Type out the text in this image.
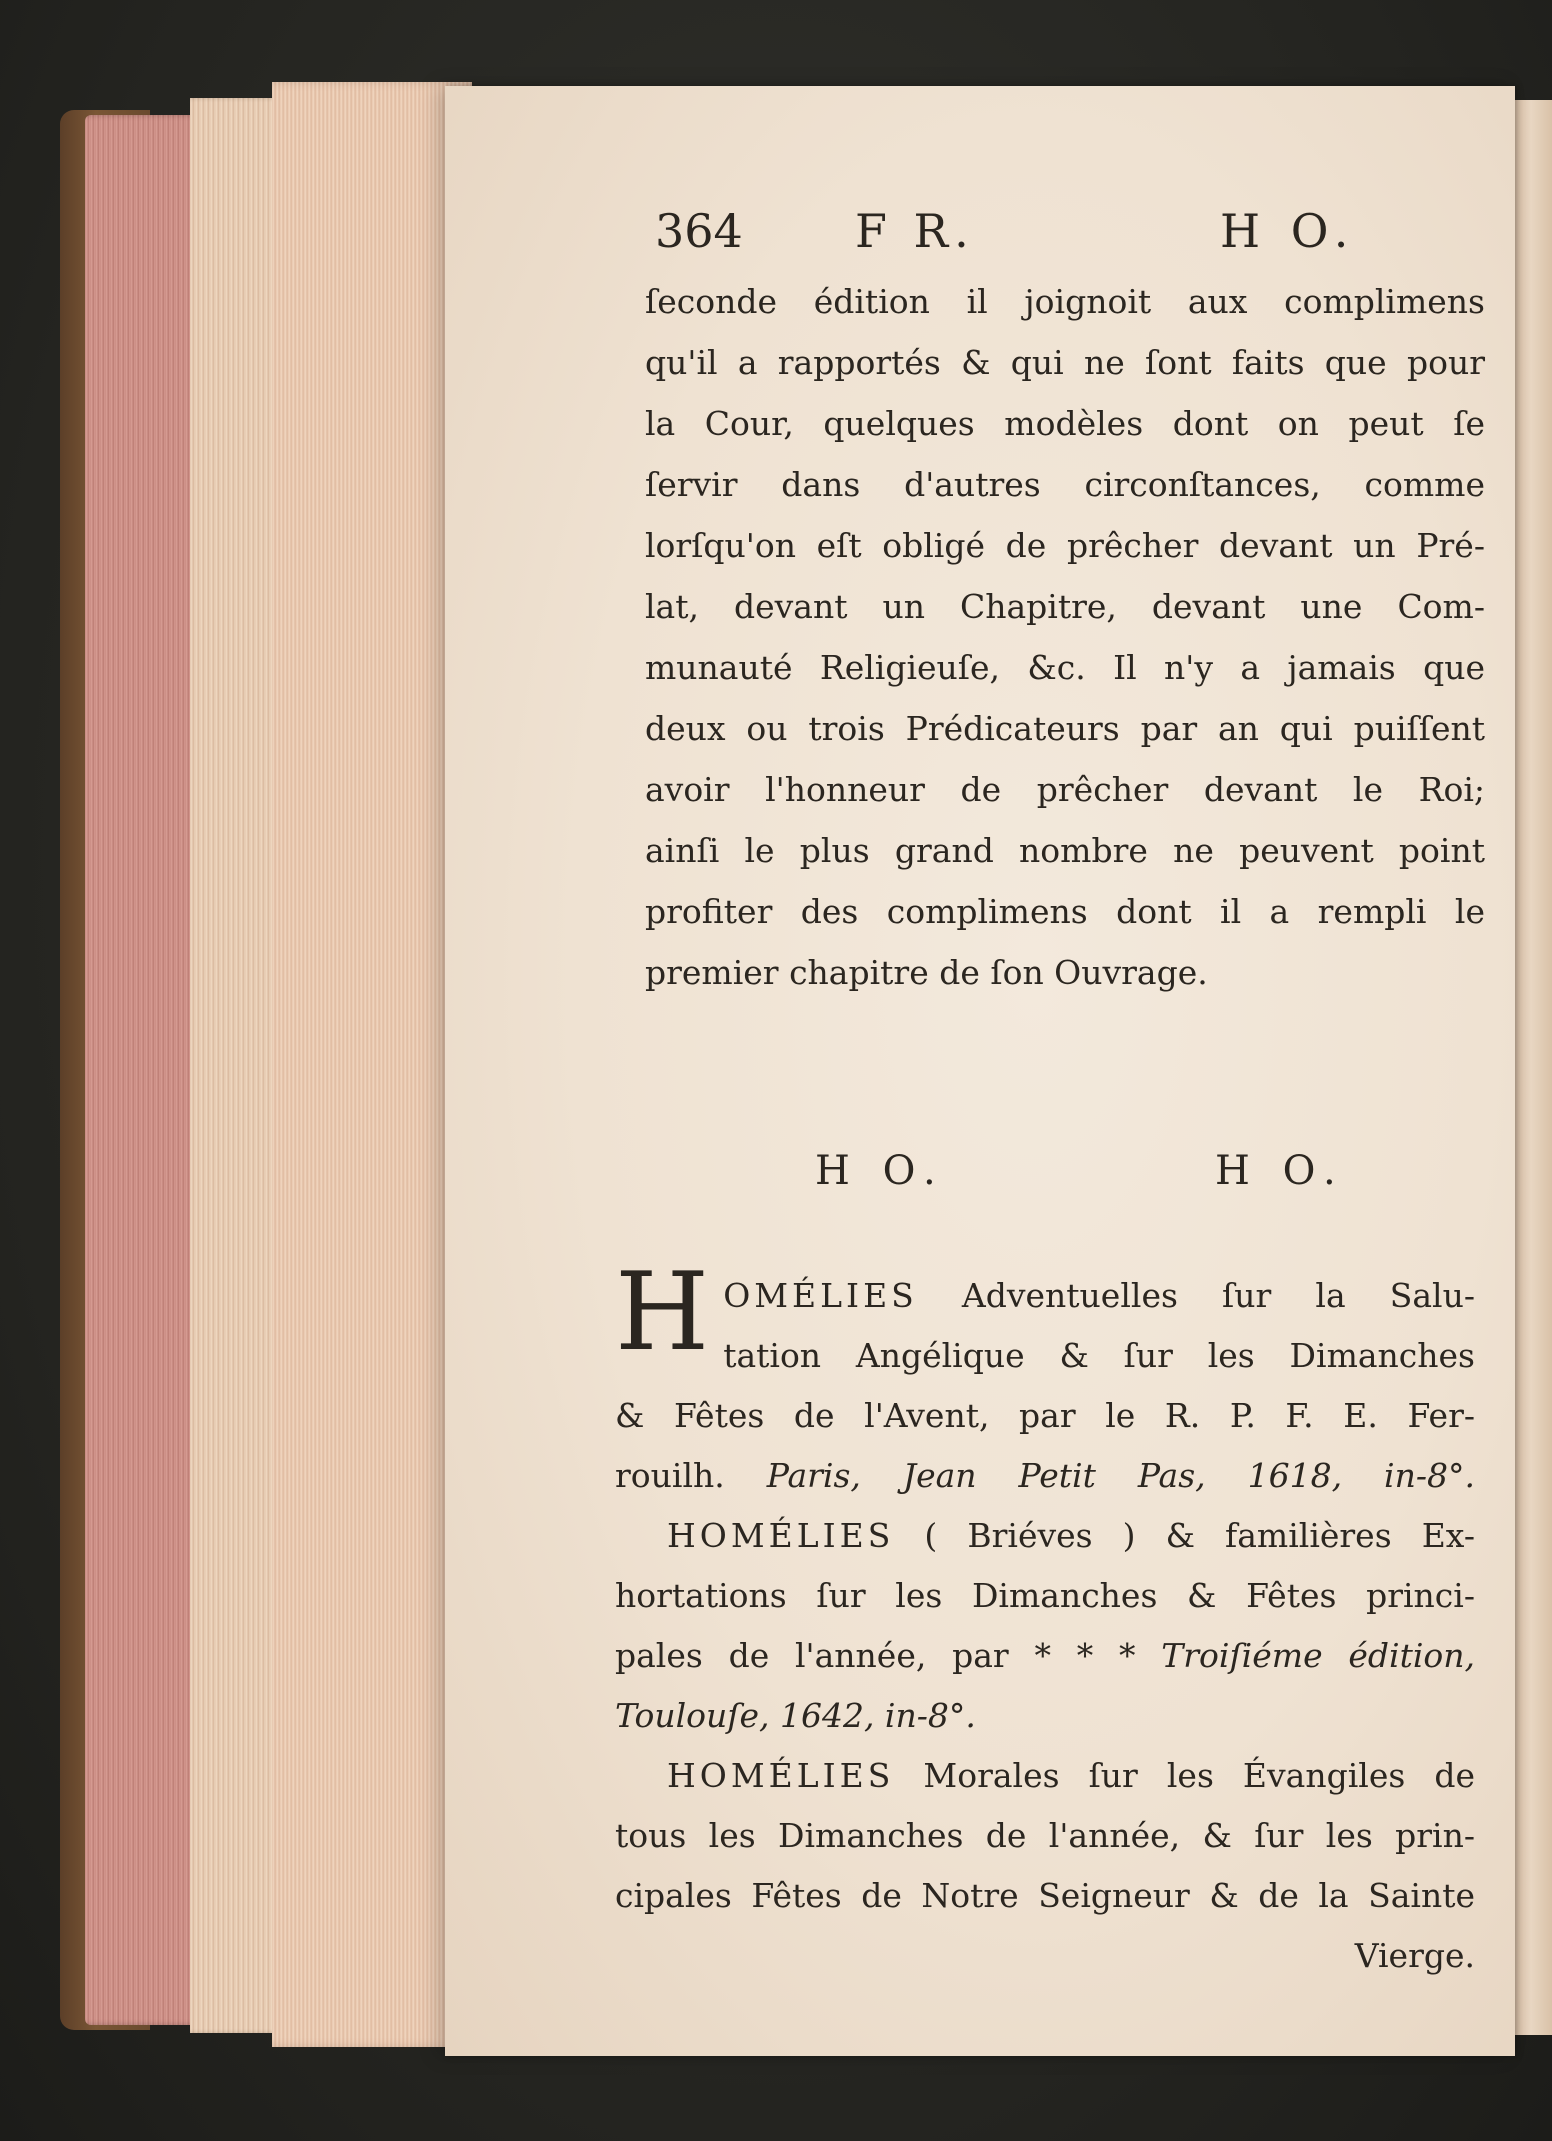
364 F R.	H O.
ſeconde édition il joignoit aux complimens
qu'il a rapportés & qui ne ſont faits que pour
la Cour, quelques modèles dont on peut ſe
ſervir dans d'autres circonſtances, comme
lorſqu'on eſt obligé de prêcher devant un Pré-
lat, devant un Chapitre, devant une Com-
munauté Religieuſe, &c. Il n'y a jamais que
deux ou trois Prédicateurs par an qui puiſſent
avoir l'honneur de prêcher devant le Roi;
ainſi le plus grand nombre ne peuvent point
profiter des complimens dont il a rempli le
premier chapitre de ſon Ouvrage.
H O.	H O.
H OMÉLIES Adventuelles ſur la Salu-
tation Angélique & ſur les Dimanches
& Fêtes de l'Avent, par le R. P. F. E. Fer-
rouilh. Paris, Jean Petit Pas, 1618, in-8°.
HOMÉLIES ( Briéves ) & familières Ex-
hortations ſur les Dimanches & Fêtes princi-
pales de l'année, par * * * Troiſiéme édition,
Toulouſe, 1642, in-8°.
HOMÉLIES Morales ſur les Évangiles de
tous les Dimanches de l'année, & ſur les prin-
cipales Fêtes de Notre Seigneur & de la Sainte
Vierge.
